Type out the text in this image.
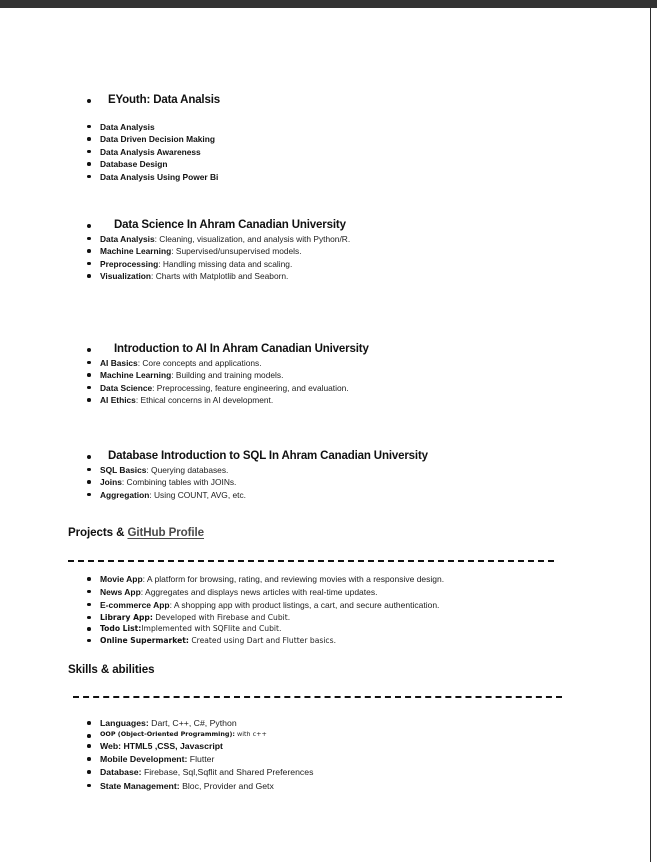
EYouth: Data Analsis
Data Analysis
Data Driven Decision Making
Data Analysis Awareness
Database Design
Data Analysis Using Power Bi
Data Science In Ahram Canadian University
Data Analysis: Cleaning, visualization, and analysis with Python/R.
Machine Learning: Supervised/unsupervised models.
Preprocessing: Handling missing data and scaling.
Visualization: Charts with Matplotlib and Seaborn.
Introduction to AI In Ahram Canadian University
AI Basics: Core concepts and applications.
Machine Learning: Building and training models.
Data Science: Preprocessing, feature engineering, and evaluation.
AI Ethics: Ethical concerns in AI development.
Database Introduction to SQL In Ahram Canadian University
SQL Basics: Querying databases.
Joins: Combining tables with JOINs.
Aggregation: Using COUNT, AVG, etc.
Projects & GitHub Profile
Movie App: A platform for browsing, rating, and reviewing movies with a responsive design.
News App: Aggregates and displays news articles with real-time updates.
E-commerce App: A shopping app with product listings, a cart, and secure authentication.
Library App: Developed with Firebase and Cubit.
Todo List:Implemented with SQFlite and Cubit.
Online Supermarket: Created using Dart and Flutter basics.
Skills & abilities
Languages: Dart, C++, C#, Python
OOP (Object-Oriented Programming): with c++
Web: HTML5 ,CSS, Javascript
Mobile Development: Flutter
Database: Firebase, Sql,Sqflit and Shared Preferences
State Management: Bloc, Provider and Getx
